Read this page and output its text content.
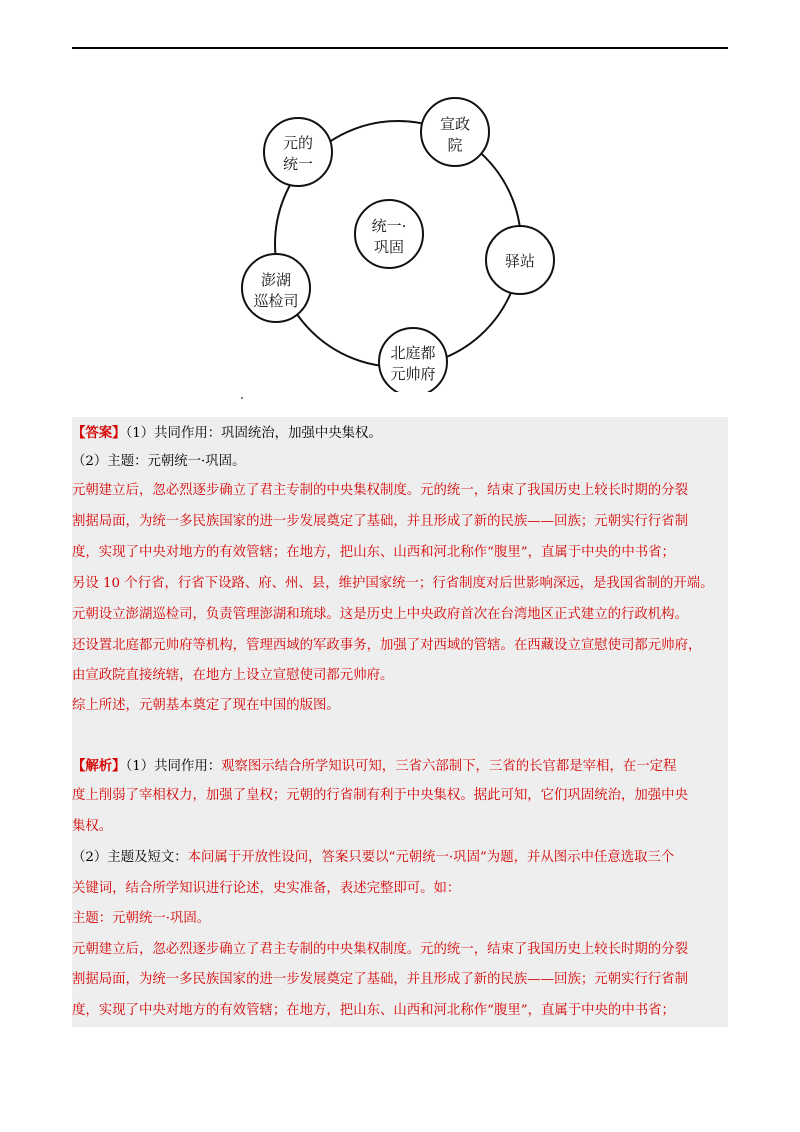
统一·
巩固
元的
统一
宣政
院
驿站
北庭都
元帅府
澎湖
巡检司
【答案】（1）共同作用：巩固统治，加强中央集权。
（2）主题：元朝统一·巩固。
元朝建立后，忽必烈逐步确立了君主专制的中央集权制度。元的统一，结束了我国历史上较长时期的分裂
割据局面，为统一多民族国家的进一步发展奠定了基础，并且形成了新的民族——回族；元朝实行行省制
度，实现了中央对地方的有效管辖；在地方，把山东、山西和河北称作“腹里”，直属于中央的中书省；
另设 10 个行省，行省下设路、府、州、县，维护国家统一；行省制度对后世影响深远，是我国省制的开端。
元朝设立澎湖巡检司，负责管理澎湖和琉球。这是历史上中央政府首次在台湾地区正式建立的行政机构。
还设置北庭都元帅府等机构，管理西域的军政事务，加强了对西域的管辖。在西藏设立宣慰使司都元帅府，
由宣政院直接统辖，在地方上设立宣慰使司都元帅府。
综上所述，元朝基本奠定了现在中国的版图。
【解析】（1）共同作用：观察图示结合所学知识可知，三省六部制下，三省的长官都是宰相，在一定程
度上削弱了宰相权力，加强了皇权；元朝的行省制有利于中央集权。据此可知，它们巩固统治，加强中央
集权。
（2）主题及短文：本问属于开放性设问，答案只要以“元朝统一·巩固”为题，并从图示中任意选取三个
关键词，结合所学知识进行论述，史实准备，表述完整即可。如：
主题：元朝统一·巩固。
元朝建立后，忽必烈逐步确立了君主专制的中央集权制度。元的统一，结束了我国历史上较长时期的分裂
割据局面，为统一多民族国家的进一步发展奠定了基础，并且形成了新的民族——回族；元朝实行行省制
度，实现了中央对地方的有效管辖；在地方，把山东、山西和河北称作“腹里”，直属于中央的中书省；
